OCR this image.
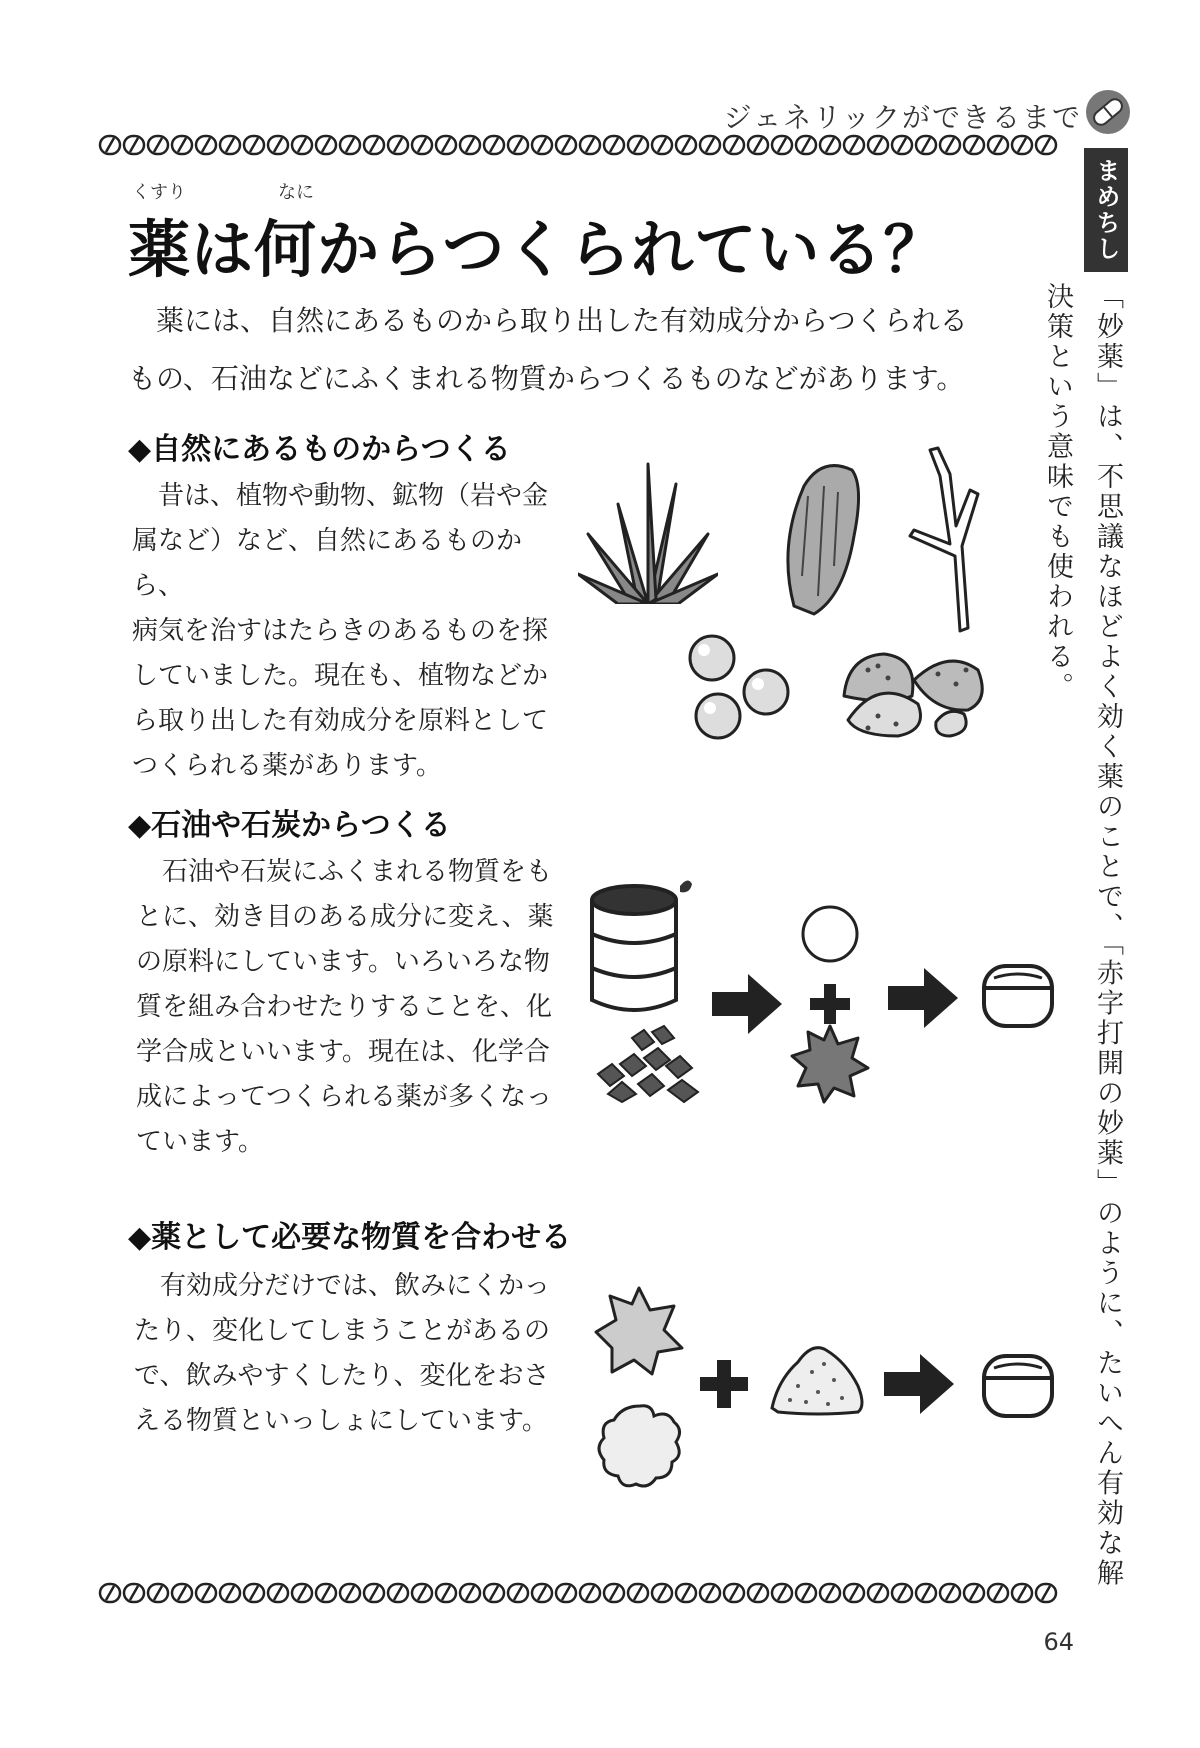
ジェネリックができるまで
くすり	なに
薬は何からつくられている？

薬には、自然にあるものから取り出した有効成分からつくられる

もの、石油などにふくまれる物質からつくるものなどがあります。

◆自然にあるものからつくる

昔は、植物や動物、鉱物（岩や金

属など）など、自然にあるものから、

病気を治すはたらきのあるものを探

していました。現在も、植物などか

ら取り出した有効成分を原料として

つくられる薬があります。

◆石油や石炭からつくる

石油や石炭にふくまれる物質をも

とに、効き目のある成分に変え、薬

の原料にしています。いろいろな物

質を組み合わせたりすることを、化

学合成といいます。現在は、化学合

成によってつくられる薬が多くなっ

ています。

◆薬として必要な物質を合わせる

有効成分だけでは、飲みにくかっ

たり、変化してしまうことがあるの

で、飲みやすくしたり、変化をおさ

える物質といっしょにしています。

まめちしき
「妙薬」は、不思議なほどよく効く薬のことで、「赤字打開の妙薬」のように、たいへん有効な解決策という意味でも使われる。
64
